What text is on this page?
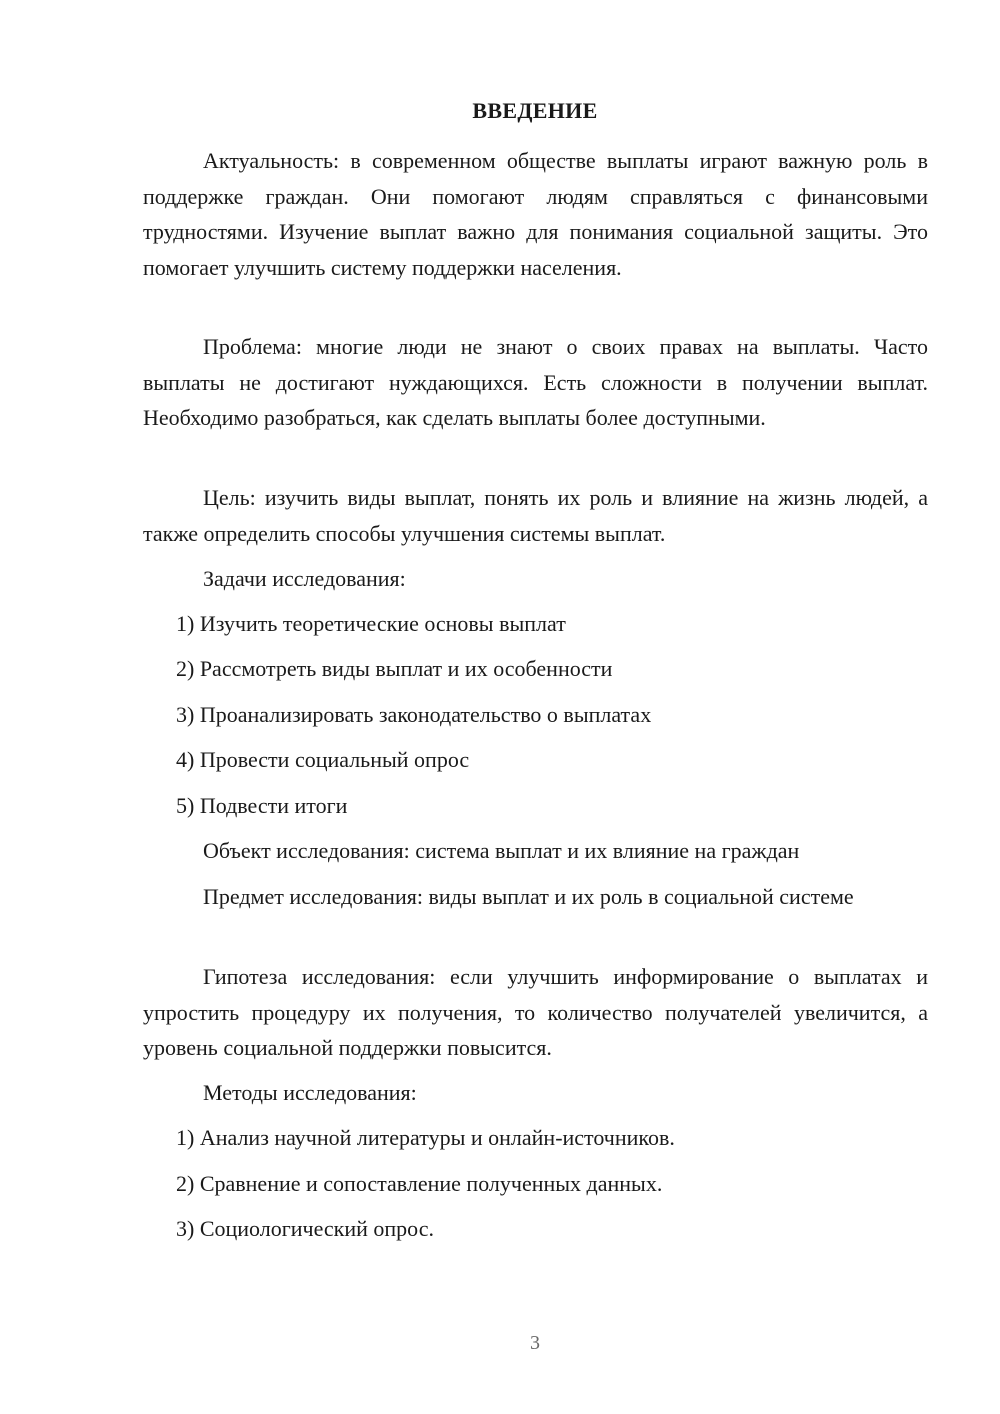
ВВЕДЕНИЕ

Актуальность: в современном обществе выплаты играют важную роль в поддержке граждан. Они помогают людям справляться с финансовыми трудностями. Изучение выплат важно для понимания социальной защиты. Это помогает улучшить систему поддержки населения.

Проблема: многие люди не знают о своих правах на выплаты. Часто выплаты не достигают нуждающихся. Есть сложности в получении выплат. Необходимо разобраться, как сделать выплаты более доступными.

Цель: изучить виды выплат, понять их роль и влияние на жизнь людей, а также определить способы улучшения системы выплат.

Задачи исследования:

1) Изучить теоретические основы выплат

2) Рассмотреть виды выплат и их особенности

3) Проанализировать законодательство о выплатах

4) Провести социальный опрос

5) Подвести итоги

Объект исследования: система выплат и их влияние на граждан

Предмет исследования: виды выплат и их роль в социальной системе

Гипотеза исследования: если улучшить информирование о выплатах и упростить процедуру их получения, то количество получателей увеличится, а уровень социальной поддержки повысится.

Методы исследования:

1) Анализ научной литературы и онлайн-источников.

2) Сравнение и сопоставление полученных данных.

3) Социологический опрос.

3
